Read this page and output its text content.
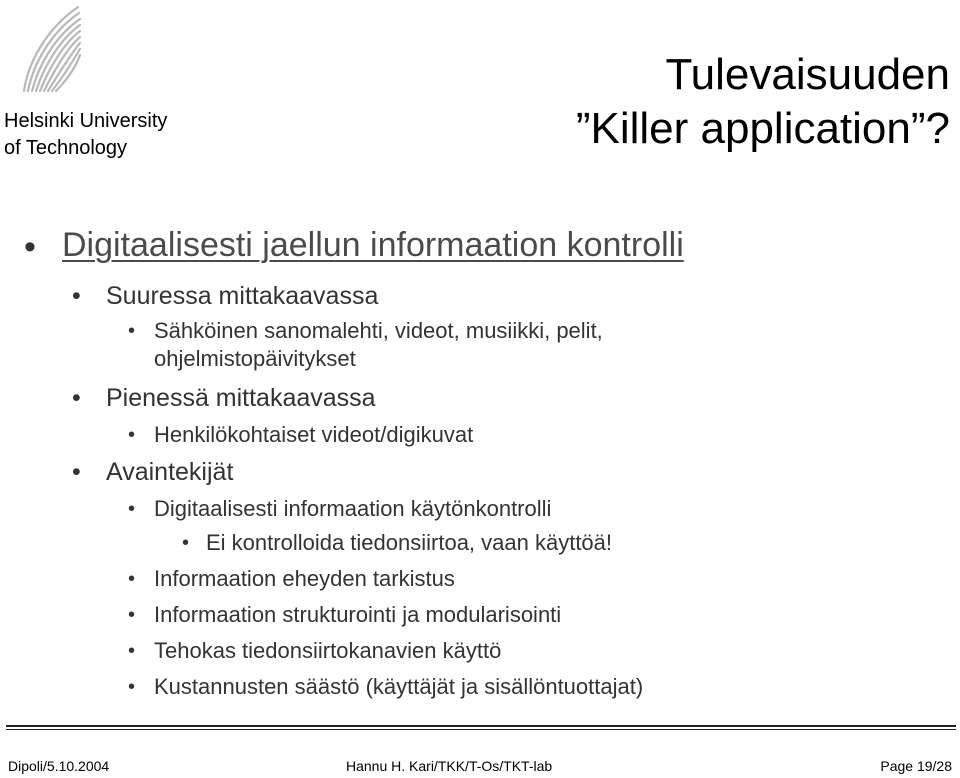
Helsinki University
of Technology
Tulevaisuuden
”Killer application”?
• Digitaalisesti jaellun informaation kontrolli
• Suuressa mittakaavassa
• Sähköinen sanomalehti, videot, musiikki, pelit,
ohjelmistopäivitykset
• Pienessä mittakaavassa
• Henkilökohtaiset videot/digikuvat
• Avaintekijät
• Digitaalisesti informaation käytönkontrolli
• Ei kontrolloida tiedonsiirtoa, vaan käyttöä!
• Informaation eheyden tarkistus
• Informaation strukturointi ja modularisointi
• Tehokas tiedonsiirtokanavien käyttö
• Kustannusten säästö (käyttäjät ja sisällöntuottajat)
Dipoli/5.10.2004	Hannu H. Kari/TKK/T-Os/TKT-lab	Page 19/28
